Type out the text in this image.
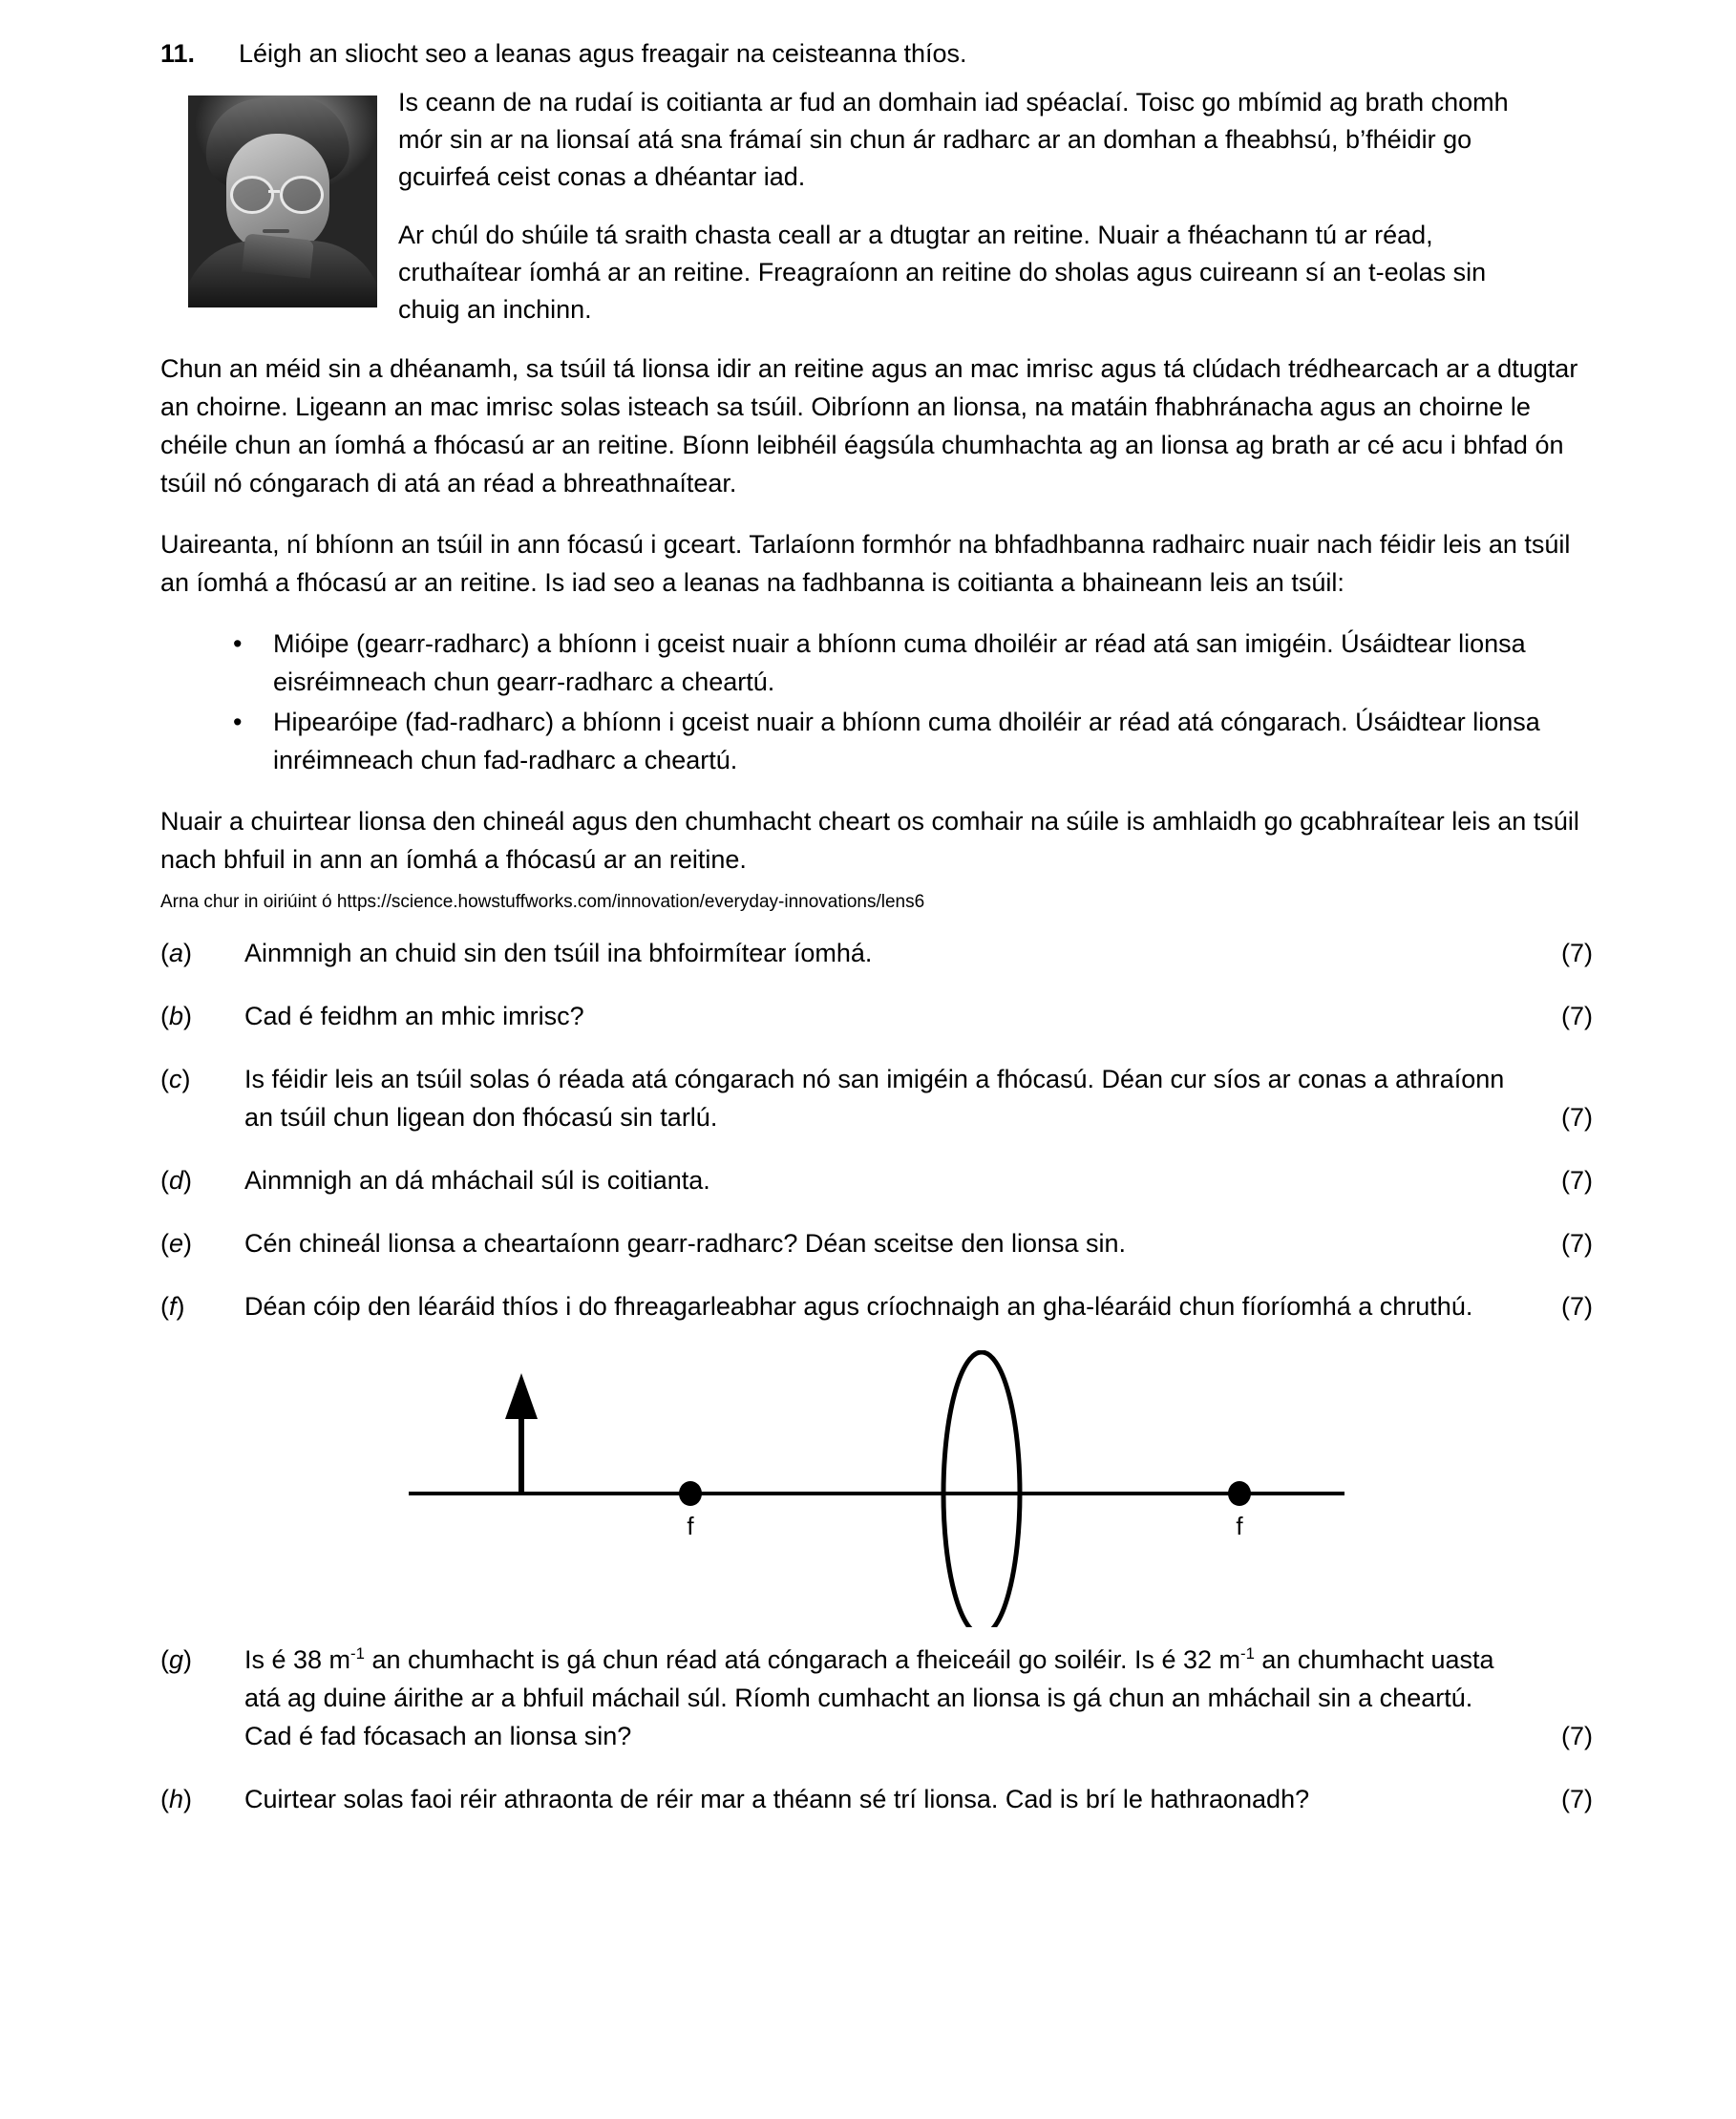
11.	Léigh an sliocht seo a leanas agus freagair na ceisteanna thíos.

Is ceann de na rudaí is coitianta ar fud an domhain iad spéaclaí. Toisc go mbímid ag brath chomh mór sin ar na lionsaí atá sna frámaí sin chun ár radharc ar an domhan a fheabhsú, b’fhéidir go gcuirfeá ceist conas a dhéantar iad.

Ar chúl do shúile tá sraith chasta ceall ar a dtugtar an reitine. Nuair a fhéachann tú ar réad, cruthaítear íomhá ar an reitine. Freagraíonn an reitine do sholas agus cuireann sí an t-eolas sin chuig an inchinn.

Chun an méid sin a dhéanamh, sa tsúil tá lionsa idir an reitine agus an mac imrisc agus tá clúdach trédhearcach ar a dtugtar an choirne. Ligeann an mac imrisc solas isteach sa tsúil. Oibríonn an lionsa, na matáin fhabhránacha agus an choirne le chéile chun an íomhá a fhócasú ar an reitine. Bíonn leibhéil éagsúla chumhachta ag an lionsa ag brath ar cé acu i bhfad ón tsúil nó cóngarach di atá an réad a bhreathnaítear.

Uaireanta, ní bhíonn an tsúil in ann fócasú i gceart. Tarlaíonn formhór na bhfadhbanna radhairc nuair nach féidir leis an tsúil an íomhá a fhócasú ar an reitine. Is iad seo a leanas na fadhbanna is coitianta a bhaineann leis an tsúil:

• Mióipe (gearr-radharc) a bhíonn i gceist nuair a bhíonn cuma dhoiléir ar réad atá san imigéin. Úsáidtear lionsa eisréimneach chun gearr-radharc a cheartú.
• Hipearóipe (fad-radharc) a bhíonn i gceist nuair a bhíonn cuma dhoiléir ar réad atá cóngarach. Úsáidtear lionsa inréimneach chun fad-radharc a cheartú.

Nuair a chuirtear lionsa den chineál agus den chumhacht cheart os comhair na súile is amhlaidh go gcabhraítear leis an tsúil nach bhfuil in ann an íomhá a fhócasú ar an reitine.

Arna chur in oiriúint ó https://science.howstuffworks.com/innovation/everyday-innovations/lens6

(a)	Ainmnigh an chuid sin den tsúil ina bhfoirmítear íomhá.	(7)
(b)	Cad é feidhm an mhic imrisc?	(7)
(c)	Is féidir leis an tsúil solas ó réada atá cóngarach nó san imigéin a fhócasú. Déan cur síos ar conas a athraíonn an tsúil chun ligean don fhócasú sin tarlú.	(7)
(d)	Ainmnigh an dá mháchail súl is coitianta.	(7)
(e)	Cén chineál lionsa a cheartaíonn gearr-radharc? Déan sceitse den lionsa sin.	(7)
(f)	Déan cóip den léaráid thíos i do fhreagarleabhar agus críochnaigh an gha-léaráid chun fíoríomhá a chruthú.	(7)
f	f
(g)	Is é 38 $m^{-1}$ an chumhacht is gá chun réad atá cóngarach a fheiceáil go soiléir. Is é 32 $m^{-1}$ an chumhacht uasta atá ag duine áirithe ar a bhfuil máchail súl. Ríomh cumhacht an lionsa is gá chun an mháchail sin a cheartú. Cad é fad fócasach an lionsa sin?	(7)
(h)	Cuirtear solas faoi réir athraonta de réir mar a théann sé trí lionsa. Cad is brí le hathraonadh?	(7)
